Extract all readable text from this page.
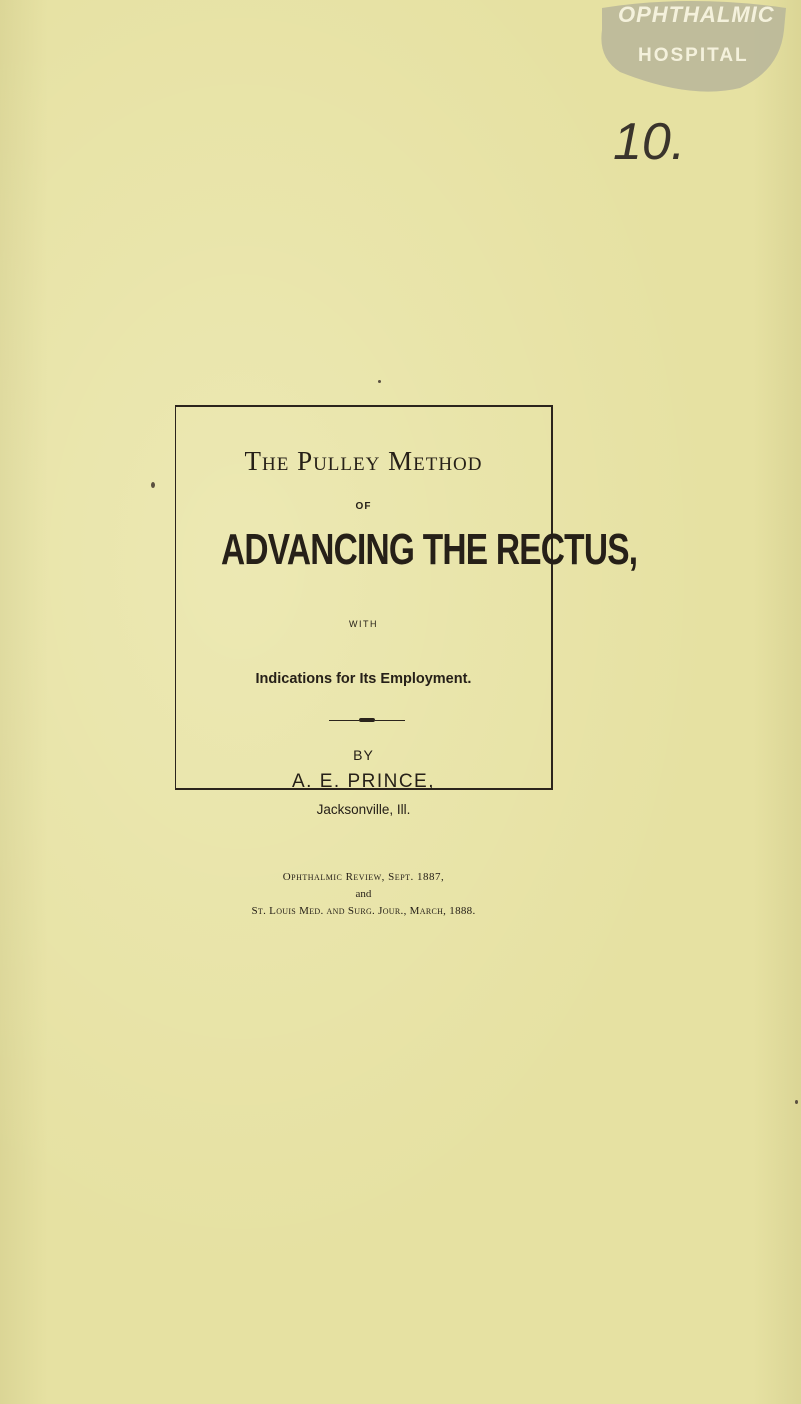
OPHTHALMIC
HOSPITAL
10.
The Pulley Method
OF
ADVANCING THE RECTUS,
WITH
Indications for Its Employment.
BY
A. E. PRINCE,
Jacksonville, Ill.
Ophthalmic Review, Sept. 1887,
and
St. Louis Med. and Surg. Jour., March, 1888.
